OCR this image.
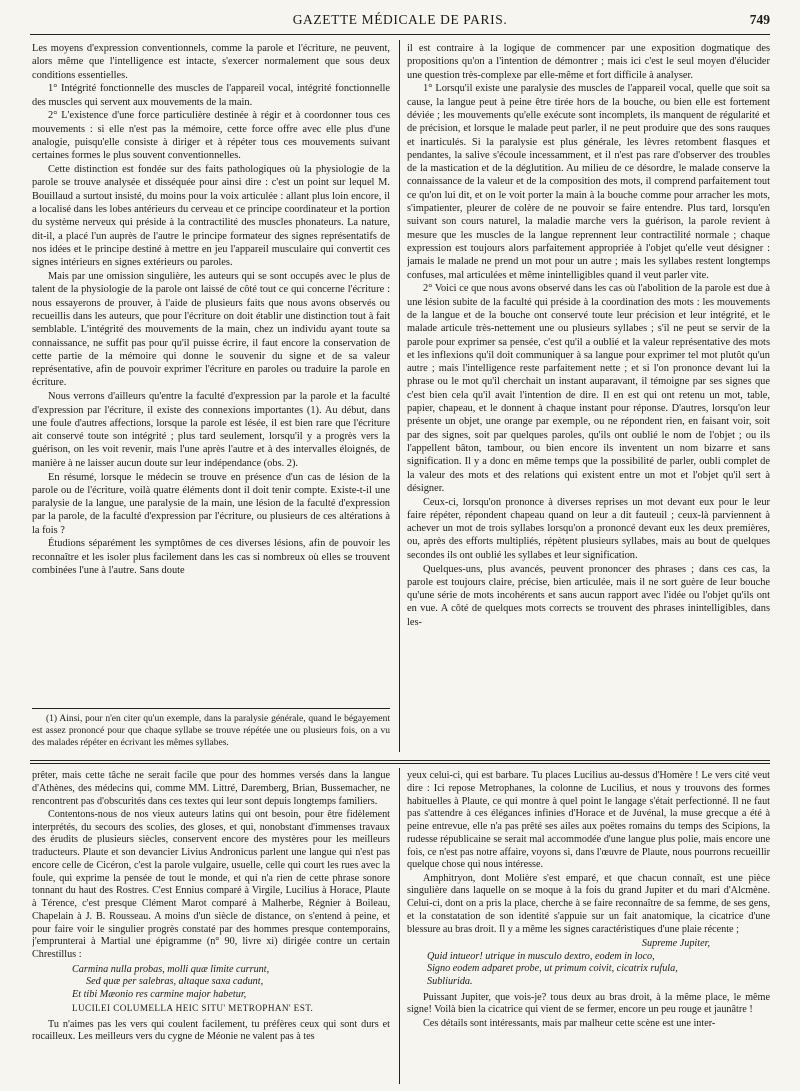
GAZETTE MÉDICALE DE PARIS.	749

Les moyens d'expression conventionnels, comme la parole et l'écriture, ne peuvent, alors même que l'intelligence est intacte, s'exercer normalement que sous deux conditions essentielles.

1° Intégrité fonctionnelle des muscles de l'appareil vocal, intégrité fonctionnelle des muscles qui servent aux mouvements de la main.

2° L'existence d'une force particulière destinée à régir et à coordonner tous ces mouvements : si elle n'est pas la mémoire, cette force offre avec elle plus d'une analogie, puisqu'elle consiste à diriger et à répéter tous ces mouvements suivant certaines formes le plus souvent conventionnelles.

Cette distinction est fondée sur des faits pathologiques où la physiologie de la parole se trouve analysée et disséquée pour ainsi dire : c'est un point sur lequel M. Bouillaud a surtout insisté, du moins pour la voix articulée : allant plus loin encore, il a localisé dans les lobes antérieurs du cerveau et ce principe coordinateur et la portion du système nerveux qui préside à la contractilité des muscles phonateurs. La nature, dit-il, a placé l'un auprès de l'autre le principe formateur des signes représentatifs de nos idées et le principe destiné à mettre en jeu l'appareil musculaire qui convertit ces signes intérieurs en signes extérieurs ou paroles.

Mais par une omission singulière, les auteurs qui se sont occupés avec le plus de talent de la physiologie de la parole ont laissé de côté tout ce qui concerne l'écriture : nous essayerons de prouver, à l'aide de plusieurs faits que nous avons observés ou recueillis dans les auteurs, que pour l'écriture on doit établir une distinction tout à fait semblable. L'intégrité des mouvements de la main, chez un individu ayant toute sa connaissance, ne suffit pas pour qu'il puisse écrire, il faut encore la conservation de cette partie de la mémoire qui donne le souvenir du signe et de sa valeur représentative, afin de pouvoir exprimer l'écriture en paroles ou traduire la parole en écriture.

Nous verrons d'ailleurs qu'entre la faculté d'expression par la parole et la faculté d'expression par l'écriture, il existe des connexions importantes (1). Au début, dans une foule d'autres affections, lorsque la parole est lésée, il est bien rare que l'écriture ait conservé toute son intégrité ; plus tard seulement, lorsqu'il y a progrès vers la guérison, on les voit revenir, mais l'une après l'autre et à des intervalles éloignés, de manière à ne laisser aucun doute sur leur indépendance (obs. 2).

En résumé, lorsque le médecin se trouve en présence d'un cas de lésion de la parole ou de l'écriture, voilà quatre éléments dont il doit tenir compte. Existe-t-il une paralysie de la langue, une paralysie de la main, une lésion de la faculté d'expression par la parole, de la faculté d'expression par l'écriture, ou plusieurs de ces altérations à la fois ?

Étudions séparément les symptômes de ces diverses lésions, afin de pouvoir les reconnaître et les isoler plus facilement dans les cas si nombreux où elles se trouvent combinées l'une à l'autre. Sans doute

(1) Ainsi, pour n'en citer qu'un exemple, dans la paralysie générale, quand le bégayement est assez prononcé pour que chaque syllabe se trouve répétée une ou plusieurs fois, on a vu des malades répéter en écrivant les mêmes syllabes.

il est contraire à la logique de commencer par une exposition dogmatique des propositions qu'on a l'intention de démontrer ; mais ici c'est le seul moyen d'élucider une question très-complexe par elle-même et fort difficile à analyser.

1° Lorsqu'il existe une paralysie des muscles de l'appareil vocal, quelle que soit sa cause, la langue peut à peine être tirée hors de la bouche, ou bien elle est fortement déviée ; les mouvements qu'elle exécute sont incomplets, ils manquent de régularité et de précision, et lorsque le malade peut parler, il ne peut produire que des sons rauques et inarticulés. Si la paralysie est plus générale, les lèvres retombent flasques et pendantes, la salive s'écoule incessamment, et il n'est pas rare d'observer des troubles de la mastication et de la déglutition. Au milieu de ce désordre, le malade conserve la connaissance de la valeur et de la composition des mots, il comprend parfaitement tout ce qu'on lui dit, et on le voit porter la main à la bouche comme pour arracher les mots, s'impatienter, pleurer de colère de ne pouvoir se faire entendre. Plus tard, lorsqu'en suivant son cours naturel, la maladie marche vers la guérison, la parole revient à mesure que les muscles de la langue reprennent leur contractilité normale ; chaque expression est toujours alors parfaitement appropriée à l'objet qu'elle veut désigner : jamais le malade ne prend un mot pour un autre ; mais les syllabes restent longtemps confuses, mal articulées et même inintelligibles quand il veut parler vite.

2° Voici ce que nous avons observé dans les cas où l'abolition de la parole est due à une lésion subite de la faculté qui préside à la coordination des mots : les mouvements de la langue et de la bouche ont conservé toute leur précision et leur intégrité, et le malade articule très-nettement une ou plusieurs syllabes ; s'il ne peut se servir de la parole pour exprimer sa pensée, c'est qu'il a oublié et la valeur représentative des mots et les inflexions qu'il doit communiquer à sa langue pour exprimer tel mot plutôt qu'un autre ; mais l'intelligence reste parfaitement nette ; et si l'on prononce devant lui la phrase ou le mot qu'il cherchait un instant auparavant, il témoigne par ses signes que c'est bien cela qu'il avait l'intention de dire. Il en est qui ont retenu un mot, table, papier, chapeau, et le donnent à chaque instant pour réponse. D'autres, lorsqu'on leur présente un objet, une orange par exemple, ou ne répondent rien, en faisant voir, soit par des signes, soit par quelques paroles, qu'ils ont oublié le nom de l'objet ; ou ils l'appellent bâton, tambour, ou bien encore ils inventent un nom bizarre et sans signification. Il y a donc en même temps que la possibilité de parler, oubli complet de la valeur des mots et des relations qui existent entre un mot et l'objet qu'il sert à désigner.

Ceux-ci, lorsqu'on prononce à diverses reprises un mot devant eux pour le leur faire répéter, répondent chapeau quand on leur a dit fauteuil ; ceux-là parviennent à achever un mot de trois syllabes lorsqu'on a prononcé devant eux les deux premières, ou, après des efforts multipliés, répètent plusieurs syllabes, mais au bout de quelques secondes ils ont oublié les syllabes et leur signification.

Quelques-uns, plus avancés, peuvent prononcer des phrases ; dans ces cas, la parole est toujours claire, précise, bien articulée, mais il ne sort guère de leur bouche qu'une série de mots incohérents et sans aucun rapport avec l'idée ou l'objet qu'ils ont en vue. A côté de quelques mots corrects se trouvent des phrases inintelligibles, dans les-

prêter, mais cette tâche ne serait facile que pour des hommes versés dans la langue d'Athènes, des médecins qui, comme MM. Littré, Daremberg, Brian, Bussemacher, ne rencontrent pas d'obscurités dans ces textes qui leur sont depuis longtemps familiers.

Contentons-nous de nos vieux auteurs latins qui ont besoin, pour être fidèlement interprétés, du secours des scolies, des gloses, et qui, nonobstant d'immenses travaux des érudits de plusieurs siècles, conservent encore des mystères pour les meilleurs traducteurs. Plaute et son devancier Livius Andronicus parlent une langue qui n'est pas encore celle de Cicéron, c'est la parole vulgaire, usuelle, celle qui court les rues avec la foule, qui exprime la pensée de tout le monde, et qui n'a rien de cette phrase sonore tonnant du haut des Rostres. C'est Ennius comparé à Virgile, Lucilius à Horace, Plaute à Térence, c'est presque Clément Marot comparé à Malherbe, Régnier à Boileau, Chapelain à J. B. Rousseau. A moins d'un siècle de distance, on s'entend à peine, et pour faire voir le singulier progrès constaté par des hommes presque contemporains, j'emprunterai à Martial une épigramme (n° 90, livre xi) dirigée contre un certain Chrestillus :

Carmina nulla probas, molli quæ limite currunt,
Sed quæ per salebras, altaque saxa cadunt,
Et tibi Mæonio res carmine major habetur,
LUCILEI COLUMELLA HEIC SITU' METROPHAN' EST.

Tu n'aimes pas les vers qui coulent facilement, tu préfères ceux qui sont durs et rocailleux. Les meilleurs vers du cygne de Méonie ne valent pas à tes

yeux celui-ci, qui est barbare. Tu places Lucilius au-dessus d'Homère ! Le vers cité veut dire : Ici repose Metrophanes, la colonne de Lucilius, et nous y trouvons des formes habituelles à Plaute, ce qui montre à quel point le langage s'était perfectionné. Il ne faut pas s'attendre à ces élégances infinies d'Horace et de Juvénal, la muse grecque a été à peine entrevue, elle n'a pas prêté ses ailes aux poëtes romains du temps des Scipions, la rudesse républicaine se serait mal accommodée d'une langue plus polie, mais encore une fois, ce n'est pas notre affaire, voyons si, dans l'œuvre de Plaute, nous pourrons recueillir quelque chose qui nous intéresse.

Amphitryon, dont Molière s'est emparé, et que chacun connaît, est une pièce singulière dans laquelle on se moque à la fois du grand Jupiter et du mari d'Alcmène. Celui-ci, dont on a pris la place, cherche à se faire reconnaître de sa femme, de ses gens, et la constatation de son identité s'appuie sur un fait anatomique, la cicatrice d'une blessure au bras droit. Il y a même les signes caractéristiques d'une plaie récente ;

Supreme Jupiter,
Quid intueor! utrique in musculo dextro, eodem in loco,
Signo eodem adparet probe, ut primum coivit, cicatrix rufula,
Subliurida.

Puissant Jupiter, que vois-je? tous deux au bras droit, à la même place, le même signe! Voilà bien la cicatrice qui vient de se fermer, encore un peu rouge et jaunâtre !

Ces détails sont intéressants, mais par malheur cette scène est une inter-
